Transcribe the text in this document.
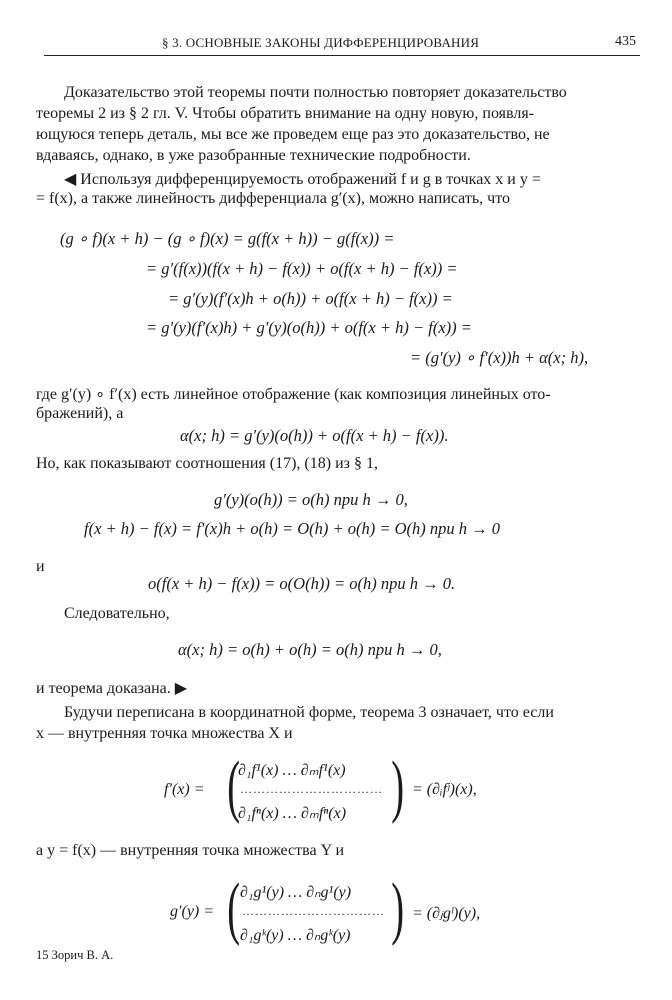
§ 3. ОСНОВНЫЕ ЗАКОНЫ ДИФФЕРЕНЦИРОВАНИЯ	435
Доказательство этой теоремы почти полностью повторяет доказательство
теоремы 2 из § 2 гл. V. Чтобы обратить внимание на одну новую, появля-
ющуюся теперь деталь, мы все же проведем еще раз это доказательство, не
вдаваясь, однако, в уже разобранные технические подробности.
◀ Используя дифференцируемость отображений f и g в точках x и y =
= f(x), а также линейность дифференциала g′(x), можно написать, что
(g ∘ f)(x + h) − (g ∘ f)(x) = g(f(x + h)) − g(f(x)) =
= g′(f(x))(f(x + h) − f(x)) + o(f(x + h) − f(x)) =
= g′(y)(f′(x)h + o(h)) + o(f(x + h) − f(x)) =
= g′(y)(f′(x)h) + g′(y)(o(h)) + o(f(x + h) − f(x)) =
= (g′(y) ∘ f′(x))h + α(x; h),
где g′(y) ∘ f′(x) есть линейное отображение (как композиция линейных ото-
бражений), а
α(x; h) = g′(y)(o(h)) + o(f(x + h) − f(x)).
Но, как показывают соотношения (17), (18) из § 1,
g′(y)(o(h)) = o(h) при h → 0,
f(x + h) − f(x) = f′(x)h + o(h) = O(h) + o(h) = O(h) при h → 0
и
o(f(x + h) − f(x)) = o(O(h)) = o(h) при h → 0.
Следовательно,
α(x; h) = o(h) + o(h) = o(h) при h → 0,
и теорема доказана. ▶
Будучи переписана в координатной форме, теорема 3 означает, что если
x — внутренняя точка множества X и
f′(x) = (
∂₁f¹(x) … ∂ₘf¹(x)
……………………………
∂₁fⁿ(x) … ∂ₘfⁿ(x) ) = (∂ᵢfʲ)(x),
a y = f(x) — внутренняя точка множества Y и
g′(y) = ( ∂₁g¹(y) … ∂ₙg¹(y)
……………………………
∂₁gᵏ(y) … ∂ₙgᵏ(y) ) = (∂ⱼgˡ)(y),
15 Зорич В. А.
